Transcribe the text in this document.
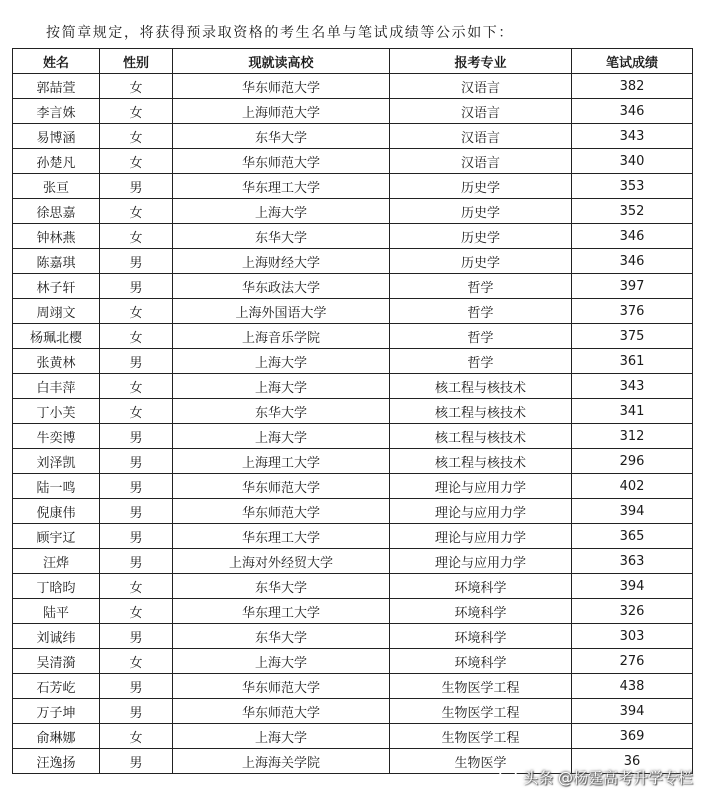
按简章规定，将获得预录取资格的考生名单与笔试成绩等公示如下：
姓名	性别	现就读高校	报考专业	笔试成绩
郭喆萱	女	华东师范大学	汉语言	382
李言姝	女	上海师范大学	汉语言	346
易博涵	女	东华大学	汉语言	343
孙楚凡	女	华东师范大学	汉语言	340
张亘	男	华东理工大学	历史学	353
徐思嘉	女	上海大学	历史学	352
钟林燕	女	东华大学	历史学	346
陈嘉琪	男	上海财经大学	历史学	346
林子轩	男	华东政法大学	哲学	397
周翊文	女	上海外国语大学	哲学	376
杨珮北樱	女	上海音乐学院	哲学	375
张黄林	男	上海大学	哲学	361
白丰萍	女	上海大学	核工程与核技术	343
丁小芙	女	东华大学	核工程与核技术	341
牛奕博	男	上海大学	核工程与核技术	312
刘泽凯	男	上海理工大学	核工程与核技术	296
陆一鸣	男	华东师范大学	理论与应用力学	402
倪康伟	男	华东师范大学	理论与应用力学	394
顾宇辽	男	华东理工大学	理论与应用力学	365
汪烨	男	上海对外经贸大学	理论与应用力学	363
丁晗昀	女	东华大学	环境科学	394
陆平	女	华东理工大学	环境科学	326
刘诚纬	男	东华大学	环境科学	303
吴清漪	女	上海大学	环境科学	276
石芳屹	男	华东师范大学	生物医学工程	438
万子坤	男	华东师范大学	生物医学工程	394
俞琳娜	女	上海大学	生物医学工程	369
汪逸扬	男	上海海关学院	生物医学	36
头条 @杨霆高考升学专栏
